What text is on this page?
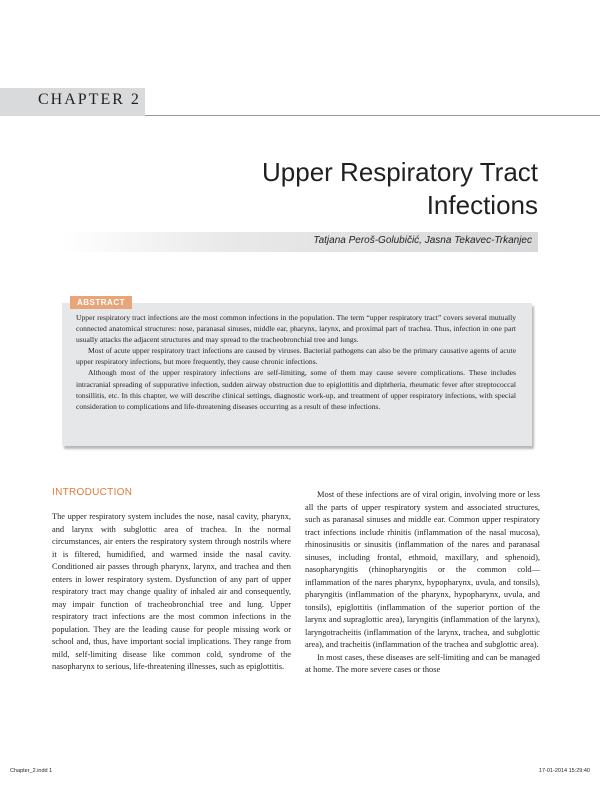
CHAPTER 2
Upper Respiratory Tract
Infections
Tatjana Peroš-Golubičić, Jasna Tekavec-Trkanjec
ABSTRACT

Upper respiratory tract infections are the most common infections in the population. The term “upper respiratory tract” covers several mutually connected anatomical structures: nose, paranasal sinuses, middle ear, pharynx, larynx, and proximal part of trachea. Thus, infection in one part usually attacks the adjacent structures and may spread to the tracheobronchial tree and lungs.

Most of acute upper respiratory tract infections are caused by viruses. Bacterial pathogens can also be the primary causative agents of acute upper respiratory infections, but more frequently, they cause chronic infections.

Although most of the upper respiratory infections are self-limiting, some of them may cause severe complications. These includes intracranial spreading of suppurative infection, sudden airway obstruction due to epiglottitis and diphtheria, rheumatic fever after streptococcal tonsillitis, etc. In this chapter, we will describe clinical settings, diagnostic work-up, and treatment of upper respiratory infections, with special consideration to complications and life-threatening diseases occurring as a result of these infections.

INTRODUCTION

The upper respiratory system includes the nose, nasal cavity, pharynx, and larynx with subglottic area of trachea. In the normal circumstances, air enters the respiratory system through nostrils where it is filtered, humidified, and warmed inside the nasal cavity. Conditioned air passes through pharynx, larynx, and trachea and then enters in lower respiratory system. Dysfunction of any part of upper respiratory tract may change quality of inhaled air and consequently, may impair function of tracheobronchial tree and lung. Upper respiratory tract infections are the most common infections in the population. They are the leading cause for people missing work or school and, thus, have important social implications. They range from mild, self-limiting disease like common cold, syndrome of the nasopharynx to serious, life-threatening illnesses, such as epiglottitis.

Most of these infections are of viral origin, involving more or less all the parts of upper respiratory system and associated structures, such as paranasal sinuses and middle ear. Common upper respiratory tract infections include rhinitis (inflammation of the nasal mucosa), rhinosinusitis or sinusitis (inflammation of the nares and paranasal sinuses, including frontal, ethmoid, maxillary, and sphenoid), nasopharyngitis (rhinopharyngitis or the common cold—inflammation of the nares pharynx, hypopharynx, uvula, and tonsils), pharyngitis (inflammation of the pharynx, hypopharynx, uvula, and tonsils), epiglottitis (inflammation of the superior portion of the larynx and supraglottic area), laryngitis (inflammation of the larynx), laryngotracheitis (inflammation of the larynx, trachea, and subglottic area), and tracheitis (inflammation of the trachea and subglottic area).

In most cases, these diseases are self-limiting and can be managed at home. The more severe cases or those

Chapter_2.indd 1	17-01-2014 15:29:40
